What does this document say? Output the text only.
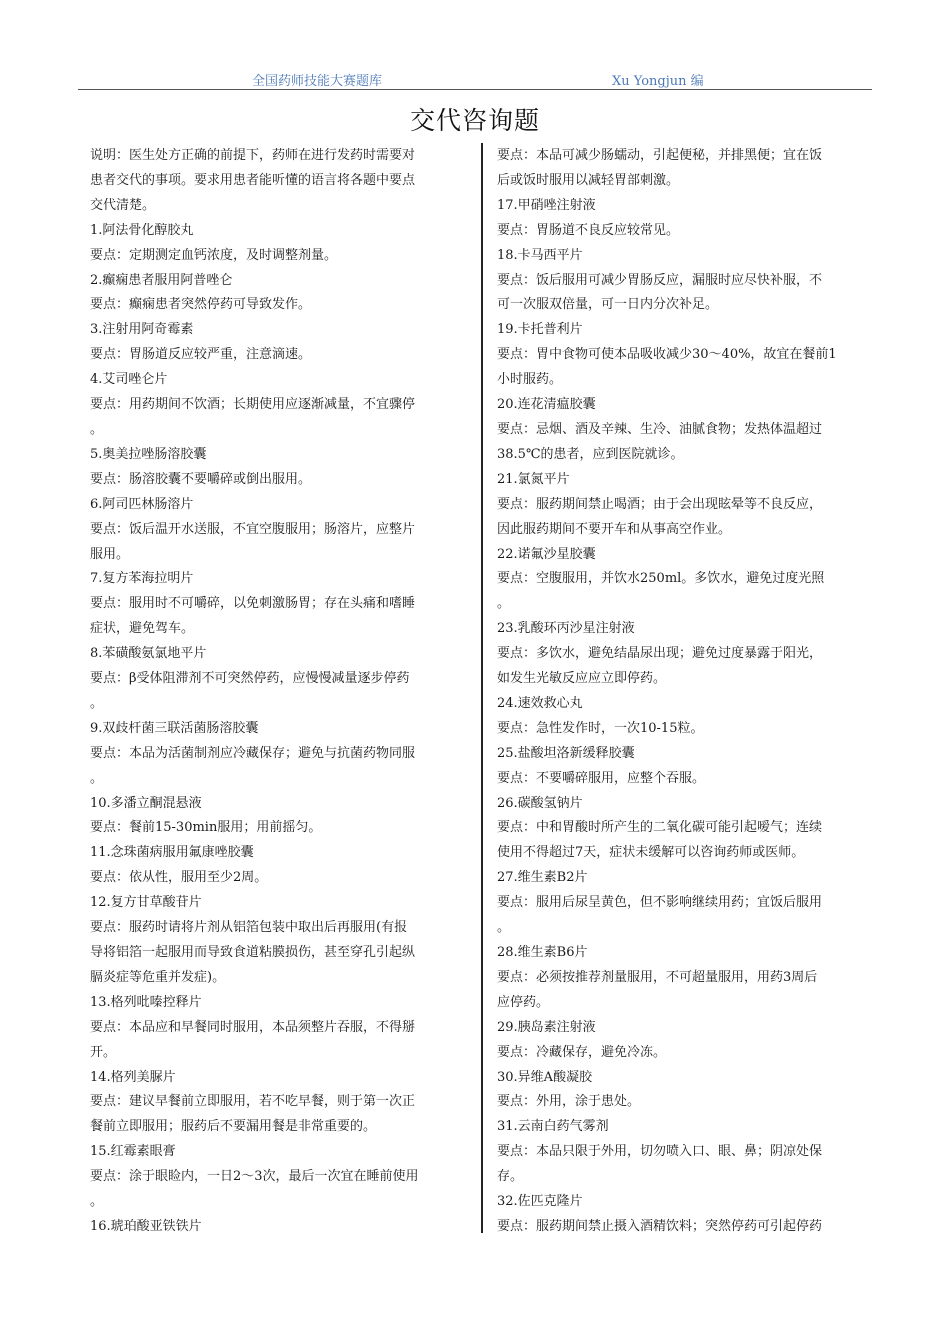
全国药师技能大赛题库	Xu Yongjun 编
交代咨询题

说明：医生处方正确的前提下，药师在进行发药时需要对

患者交代的事项。要求用患者能听懂的语言将各题中要点

交代清楚。

1.阿法骨化醇胶丸

要点：定期测定血钙浓度，及时调整剂量。

2.癫痫患者服用阿普唑仑

要点：癫痫患者突然停药可导致发作。

3.注射用阿奇霉素

要点：胃肠道反应较严重，注意滴速。

4.艾司唑仑片

要点：用药期间不饮酒；长期使用应逐渐减量，不宜骤停

。

5.奥美拉唑肠溶胶囊

要点：肠溶胶囊不要嚼碎或倒出服用。

6.阿司匹林肠溶片

要点：饭后温开水送服，不宜空腹服用；肠溶片，应整片

服用。

7.复方苯海拉明片

要点：服用时不可嚼碎，以免刺激肠胃；存在头痛和嗜睡

症状，避免驾车。

8.苯磺酸氨氯地平片

要点：β受体阻滞剂不可突然停药，应慢慢减量逐步停药

。

9.双歧杆菌三联活菌肠溶胶囊

要点：本品为活菌制剂应冷藏保存；避免与抗菌药物同服

。

10.多潘立酮混悬液

要点：餐前15-30min服用；用前摇匀。

11.念珠菌病服用氟康唑胶囊

要点：依从性，服用至少2周。

12.复方甘草酸苷片

要点：服药时请将片剂从铝箔包装中取出后再服用(有报

导将铝箔一起服用而导致食道粘膜损伤，甚至穿孔引起纵

膈炎症等危重并发症)。

13.格列吡嗪控释片

要点：本品应和早餐同时服用，本品须整片吞服，不得掰

开。

14.格列美脲片

要点：建议早餐前立即服用，若不吃早餐，则于第一次正

餐前立即服用；服药后不要漏用餐是非常重要的。

15.红霉素眼膏

要点：涂于眼睑内，一日2～3次，最后一次宜在睡前使用

。

16.琥珀酸亚铁铁片

要点：本品可减少肠蠕动，引起便秘，并排黑便；宜在饭

后或饭时服用以减轻胃部刺激。

17.甲硝唑注射液

要点：胃肠道不良反应较常见。

18.卡马西平片

要点：饭后服用可减少胃肠反应，漏服时应尽快补服，不

可一次服双倍量，可一日内分次补足。

19.卡托普利片

要点：胃中食物可使本品吸收减少30～40%，故宜在餐前1

小时服药。

20.连花清瘟胶囊

要点：忌烟、酒及辛辣、生冷、油腻食物；发热体温超过

38.5℃的患者，应到医院就诊。

21.氯氮平片

要点：服药期间禁止喝酒；由于会出现眩晕等不良反应，

因此服药期间不要开车和从事高空作业。

22.诺氟沙星胶囊

要点：空腹服用，并饮水250ml。多饮水，避免过度光照

。

23.乳酸环丙沙星注射液

要点：多饮水，避免结晶尿出现；避免过度暴露于阳光，

如发生光敏反应应立即停药。

24.速效救心丸

要点：急性发作时，一次10-15粒。

25.盐酸坦洛新缓释胶囊

要点：不要嚼碎服用，应整个吞服。

26.碳酸氢钠片

要点：中和胃酸时所产生的二氧化碳可能引起嗳气；连续

使用不得超过7天，症状未缓解可以咨询药师或医师。

27.维生素B2片

要点：服用后尿呈黄色，但不影响继续用药；宜饭后服用

。

28.维生素B6片

要点：必须按推荐剂量服用，不可超量服用，用药3周后

应停药。

29.胰岛素注射液

要点：冷藏保存，避免冷冻。

30.异维A酸凝胶

要点：外用，涂于患处。

31.云南白药气雾剂

要点：本品只限于外用，切勿喷入口、眼、鼻；阴凉处保

存。

32.佐匹克隆片

要点：服药期间禁止摄入酒精饮料；突然停药可引起停药
